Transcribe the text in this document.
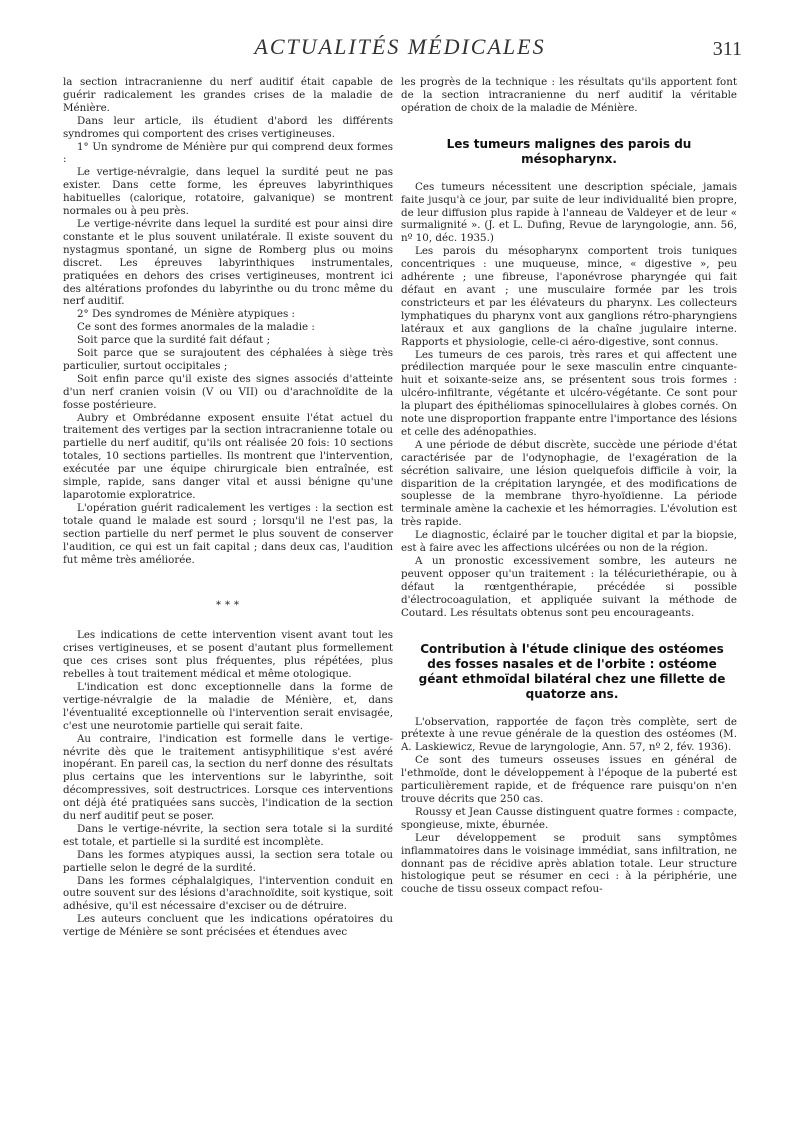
ACTUALITÉS MÉDICALES	311

la section intracranienne du nerf auditif était capable de guérir radicalement les grandes crises de la maladie de Ménière.

Dans leur article, ils étudient d'abord les différents syndromes qui comportent des crises vertigineuses.

1° Un syndrome de Ménière pur qui comprend deux formes :

Le vertige-névralgie, dans lequel la surdité peut ne pas exister. Dans cette forme, les épreuves labyrinthiques habituelles (calorique, rotatoire, galvanique) se montrent normales ou à peu près.

Le vertige-névrite dans lequel la surdité est pour ainsi dire constante et le plus souvent unilatérale. Il existe souvent du nystagmus spontané, un signe de Romberg plus ou moins discret. Les épreuves labyrinthiques instrumentales, pratiquées en dehors des crises vertigineuses, montrent ici des altérations profondes du labyrinthe ou du tronc même du nerf auditif.

2° Des syndromes de Ménière atypiques :

Ce sont des formes anormales de la maladie :

Soit parce que la surdité fait défaut ;

Soit parce que se surajoutent des céphalées à siège très particulier, surtout occipitales ;

Soit enfin parce qu'il existe des signes associés d'atteinte d'un nerf cranien voisin (V ou VII) ou d'arachnoïdite de la fosse postérieure.

Aubry et Ombrédanne exposent ensuite l'état actuel du traitement des vertiges par la section intracranienne totale ou partielle du nerf auditif, qu'ils ont réalisée 20 fois: 10 sections totales, 10 sections partielles. Ils montrent que l'intervention, exécutée par une équipe chirurgicale bien entraînée, est simple, rapide, sans danger vital et aussi bénigne qu'une laparotomie exploratrice.

L'opération guérit radicalement les vertiges : la section est totale quand le malade est sourd ; lorsqu'il ne l'est pas, la section partielle du nerf permet le plus souvent de conserver l'audition, ce qui est un fait capital ; dans deux cas, l'audition fut même très améliorée.

* * *

Les indications de cette intervention visent avant tout les crises vertigineuses, et se posent d'autant plus formellement que ces crises sont plus fréquentes, plus répétées, plus rebelles à tout traitement médical et même otologique.

L'indication est donc exceptionnelle dans la forme de vertige-névralgie de la maladie de Ménière, et, dans l'éventualité exceptionnelle où l'intervention serait envisagée, c'est une neurotomie partielle qui serait faite.

Au contraire, l'indication est formelle dans le vertige-névrite dès que le traitement antisyphilitique s'est avéré inopérant. En pareil cas, la section du nerf donne des résultats plus certains que les interventions sur le labyrinthe, soit décompressives, soit destructrices. Lorsque ces interventions ont déjà été pratiquées sans succès, l'indication de la section du nerf auditif peut se poser.

Dans le vertige-névrite, la section sera totale si la surdité est totale, et partielle si la surdité est incomplète.

Dans les formes atypiques aussi, la section sera totale ou partielle selon le degré de la surdité.

Dans les formes céphalalgiques, l'intervention conduit en outre souvent sur des lésions d'arachnoïdite, soit kystique, soit adhésive, qu'il est nécessaire d'exciser ou de détruire.

Les auteurs concluent que les indications opératoires du vertige de Ménière se sont précisées et étendues avec

les progrès de la technique : les résultats qu'ils apportent font de la section intracranienne du nerf auditif la véritable opération de choix de la maladie de Ménière.

Les tumeurs malignes des parois du mésopharynx.

Ces tumeurs nécessitent une description spéciale, jamais faite jusqu'à ce jour, par suite de leur individualité bien propre, de leur diffusion plus rapide à l'anneau de Valdeyer et de leur « surmalignité ». (J. et L. Dufing, Revue de laryngologie, ann. 56, nº 10, déc. 1935.)

Les parois du mésopharynx comportent trois tuniques concentriques : une muqueuse, mince, « digestive », peu adhérente ; une fibreuse, l'aponévrose pharyngée qui fait défaut en avant ; une musculaire formée par les trois constricteurs et par les élévateurs du pharynx. Les collecteurs lymphatiques du pharynx vont aux ganglions rétro-pharyngiens latéraux et aux ganglions de la chaîne jugulaire interne. Rapports et physiologie, celle-ci aéro-digestive, sont connus.

Les tumeurs de ces parois, très rares et qui affectent une prédilection marquée pour le sexe masculin entre cinquante-huit et soixante-seize ans, se présentent sous trois formes : ulcéro-infiltrante, végétante et ulcéro-végétante. Ce sont pour la plupart des épithéliomas spinocellulaires à globes cornés. On note une disproportion frappante entre l'importance des lésions et celle des adénopathies.

A une période de début discrète, succède une période d'état caractérisée par de l'odynophagie, de l'exagération de la sécrétion salivaire, une lésion quelquefois difficile à voir, la disparition de la crépitation laryngée, et des modifications de souplesse de la membrane thyro-hyoïdienne. La période terminale amène la cachexie et les hémorragies. L'évolution est très rapide.

Le diagnostic, éclairé par le toucher digital et par la biopsie, est à faire avec les affections ulcérées ou non de la région.

A un pronostic excessivement sombre, les auteurs ne peuvent opposer qu'un traitement : la télécuriethérapie, ou à défaut la rœntgenthérapie, précédée si possible d'électrocoagulation, et appliquée suivant la méthode de Coutard. Les résultats obtenus sont peu encourageants.

Contribution à l'étude clinique des ostéomes des fosses nasales et de l'orbite : ostéome géant ethmoïdal bilatéral chez une fillette de quatorze ans.

L'observation, rapportée de façon très complète, sert de prétexte à une revue générale de la question des ostéomes (M. A. Laskiewicz, Revue de laryngologie, Ann. 57, nº 2, fév. 1936).

Ce sont des tumeurs osseuses issues en général de l'ethmoïde, dont le développement à l'époque de la puberté est particulièrement rapide, et de fréquence rare puisqu'on n'en trouve décrits que 250 cas.

Roussy et Jean Causse distinguent quatre formes : compacte, spongieuse, mixte, éburnée.

Leur développement se produit sans symptômes inflammatoires dans le voisinage immédiat, sans infiltration, ne donnant pas de récidive après ablation totale. Leur structure histologique peut se résumer en ceci : à la périphérie, une couche de tissu osseux compact refou-
